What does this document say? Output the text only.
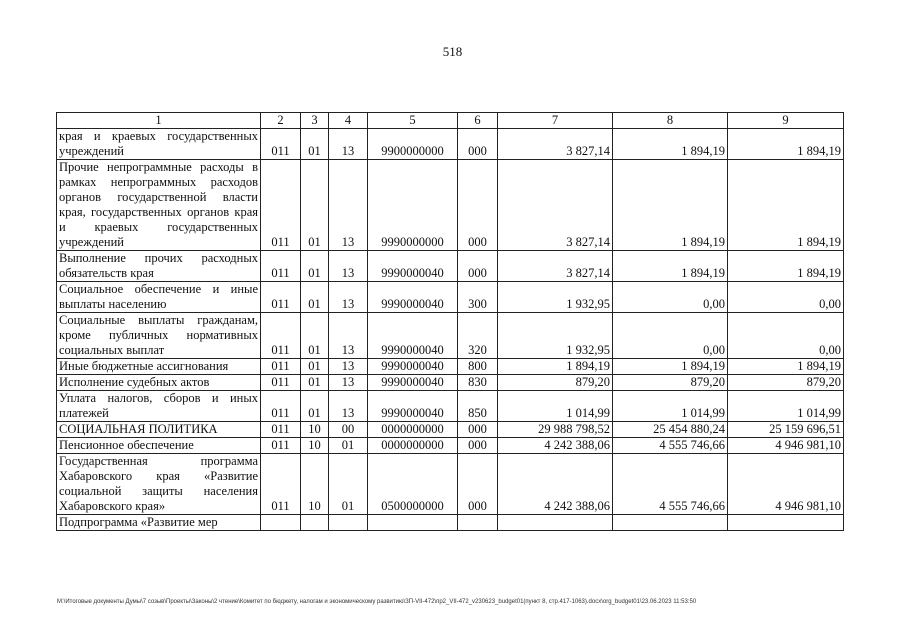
518
1	2	3	4	5	6	7	8	9
края и краевых государственных учреждений	011	01	13	9900000000	000	3 827,14	1 894,19	1 894,19
Прочие непрограммные расходы в рамках непрограммных расходов органов государственной власти края, государственных органов края и краевых государственных учреждений	011	01	13	9990000000	000	3 827,14	1 894,19	1 894,19
Выполнение прочих расходных обязательств края	011	01	13	9990000040	000	3 827,14	1 894,19	1 894,19
Социальное обеспечение и иные выплаты населению	011	01	13	9990000040	300	1 932,95	0,00	0,00
Социальные выплаты гражданам, кроме публичных нормативных социальных выплат	011	01	13	9990000040	320	1 932,95	0,00	0,00
Иные бюджетные ассигнования	011	01	13	9990000040	800	1 894,19	1 894,19	1 894,19
Исполнение судебных актов	011	01	13	9990000040	830	879,20	879,20	879,20
Уплата налогов, сборов и иных платежей	011	01	13	9990000040	850	1 014,99	1 014,99	1 014,99
СОЦИАЛЬНАЯ ПОЛИТИКА	011	10	00	0000000000	000	29 988 798,52	25 454 880,24	25 159 696,51
Пенсионное обеспечение	011	10	01	0000000000	000	4 242 388,06	4 555 746,66	4 946 981,10
Государственная программа Хабаровского края «Развитие социальной защиты населения Хабаровского края»	011	10	01	0500000000	000	4 242 388,06	4 555 746,66	4 946 981,10
Подпрограмма «Развитие мер								
М:\Итоговые документы Думы\7 созыв\Проекты\Законы\2 чтение\Комитет по бюджету, налогам и экономическому развитию\ЗП-VII-472\пр2_VII-472_v230623_budget01(пункт 8, стр.417-1063).docx\org_budget01\23.06.2023 11:53:50
